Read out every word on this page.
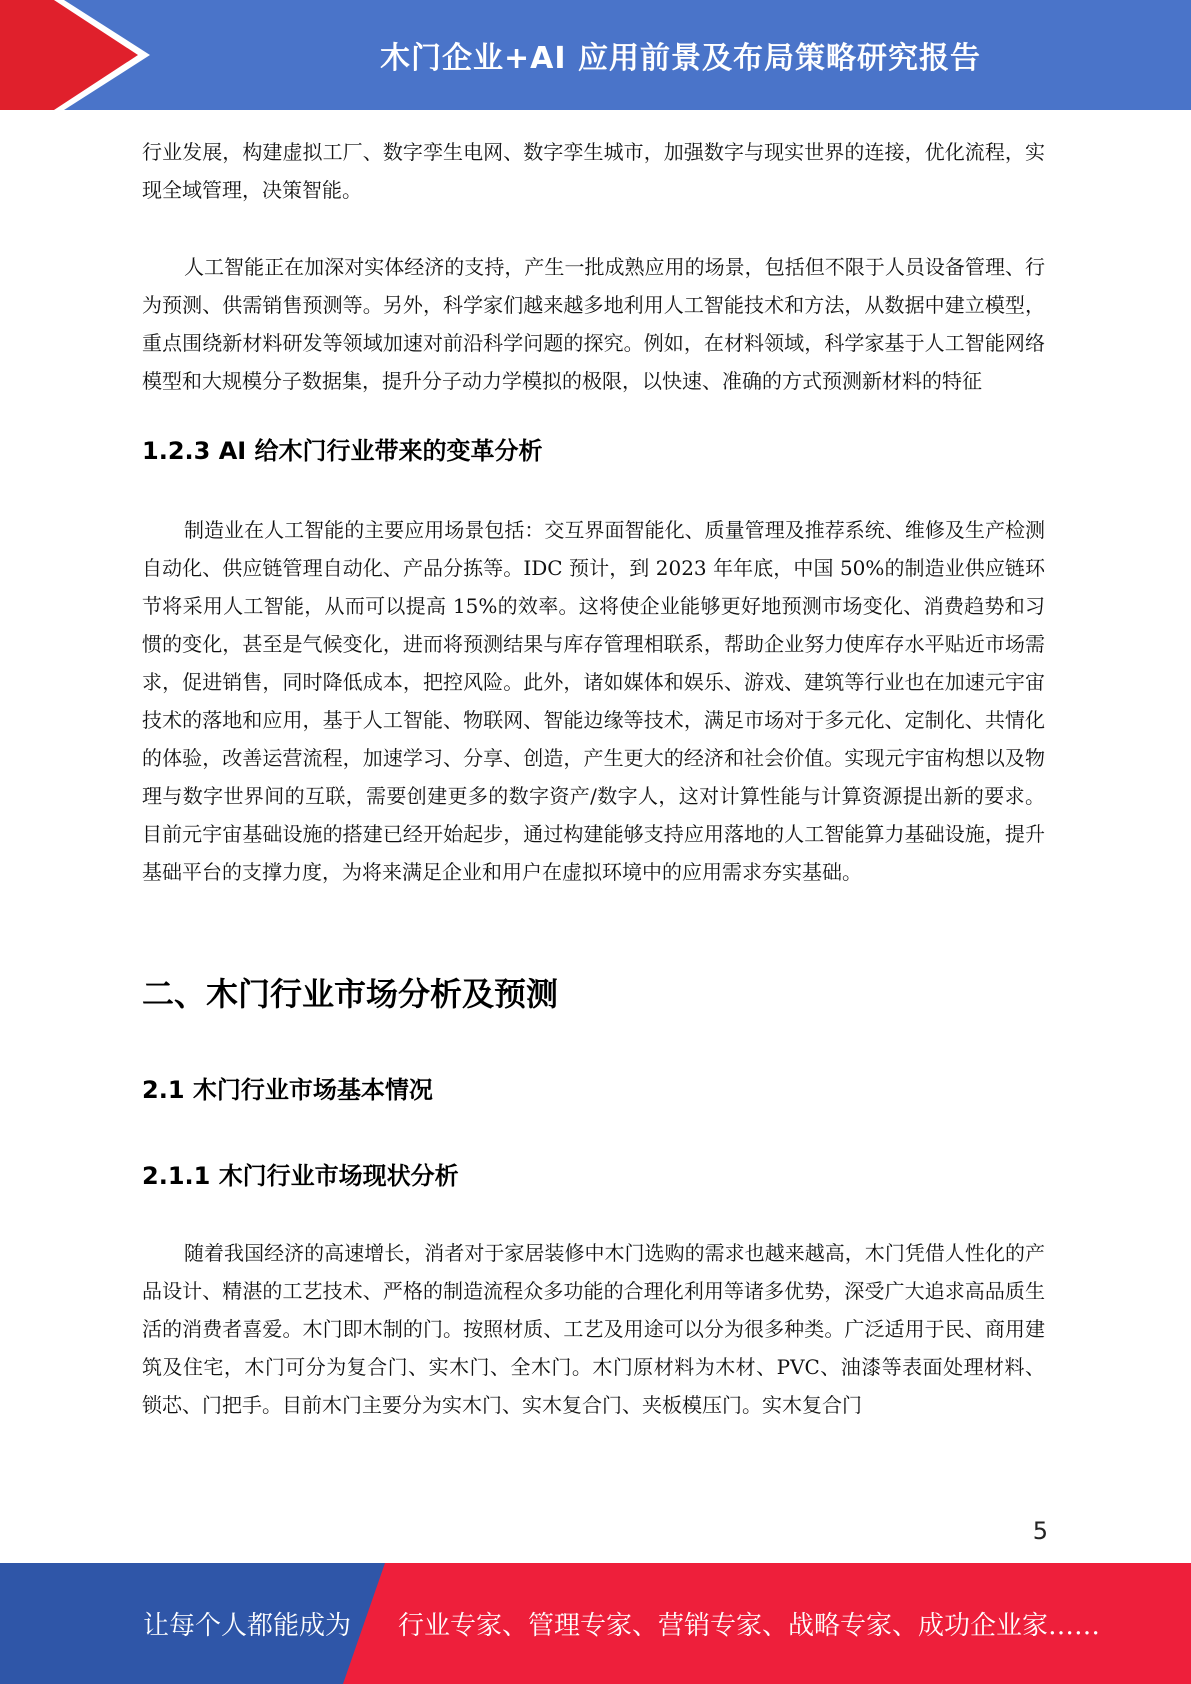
木门企业+AI 应用前景及布局策略研究报告

行业发展，构建虚拟工厂、数字孪生电网、数字孪生城市，加强数字与现实世界的连接，优化流程，实现全域管理，决策智能。

人工智能正在加深对实体经济的支持，产生一批成熟应用的场景，包括但不限于人员设备管理、行为预测、供需销售预测等。另外，科学家们越来越多地利用人工智能技术和方法，从数据中建立模型，重点围绕新材料研发等领域加速对前沿科学问题的探究。例如，在材料领域，科学家基于人工智能网络模型和大规模分子数据集，提升分子动力学模拟的极限，以快速、准确的方式预测新材料的特征

1.2.3 AI 给木门行业带来的变革分析

制造业在人工智能的主要应用场景包括：交互界面智能化、质量管理及推荐系统、维修及生产检测自动化、供应链管理自动化、产品分拣等。IDC 预计，到 2023 年年底，中国 50%的制造业供应链环节将采用人工智能，从而可以提高 15%的效率。这将使企业能够更好地预测市场变化、消费趋势和习惯的变化，甚至是气候变化，进而将预测结果与库存管理相联系，帮助企业努力使库存水平贴近市场需求，促进销售，同时降低成本，把控风险。此外，诸如媒体和娱乐、游戏、建筑等行业也在加速元宇宙技术的落地和应用，基于人工智能、物联网、智能边缘等技术，满足市场对于多元化、定制化、共情化的体验，改善运营流程，加速学习、分享、创造，产生更大的经济和社会价值。实现元宇宙构想以及物理与数字世界间的互联，需要创建更多的数字资产/数字人，这对计算性能与计算资源提出新的要求。目前元宇宙基础设施的搭建已经开始起步，通过构建能够支持应用落地的人工智能算力基础设施，提升基础平台的支撑力度，为将来满足企业和用户在虚拟环境中的应用需求夯实基础。

二、木门行业市场分析及预测
2.1 木门行业市场基本情况
2.1.1 木门行业市场现状分析

随着我国经济的高速增长，消者对于家居装修中木门选购的需求也越来越高，木门凭借人性化的产品设计、精湛的工艺技术、严格的制造流程众多功能的合理化利用等诸多优势，深受广大追求高品质生活的消费者喜爱。木门即木制的门。按照材质、工艺及用途可以分为很多种类。广泛适用于民、商用建筑及住宅，木门可分为复合门、实木门、全木门。木门原材料为木材、PVC、油漆等表面处理材料、锁芯、门把手。目前木门主要分为实木门、实木复合门、夹板模压门。实木复合门

5
让每个人都能成为 行业专家、管理专家、营销专家、战略专家、成功企业家……
